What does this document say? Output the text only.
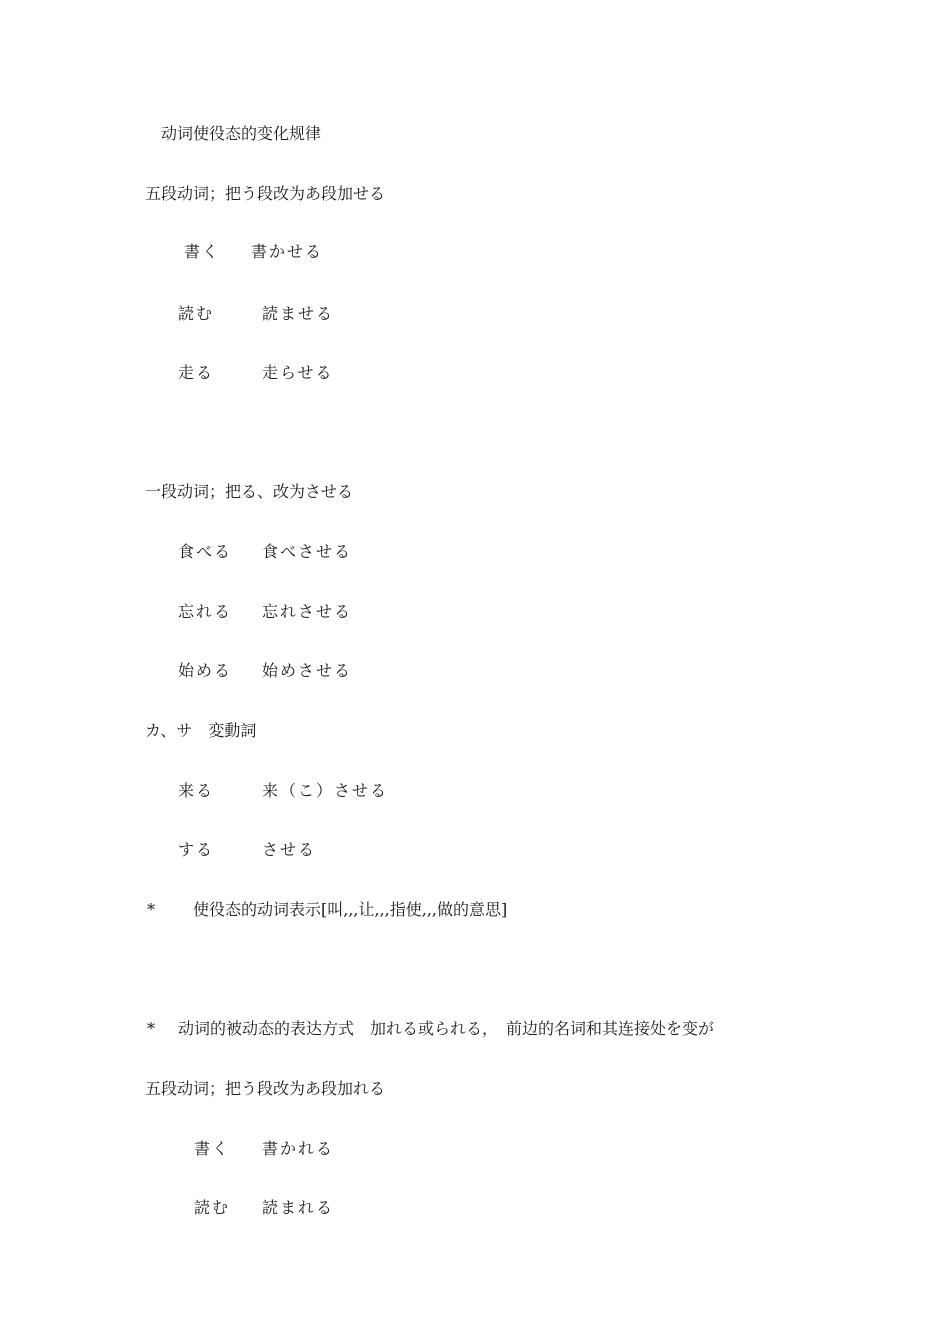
动词使役态的变化规律
五段动词；把う段改为あ段加せる
書く 書かせる
読む	読ませる
走る	走らせる
一段动词；把る、改为させる
食べる 食べさせる
忘れる 忘れさせる
始める 始めさせる
カ、サ　変動詞
来る	来（こ）させる
する	させる
* 使役态的动词表示[叫,,,让,,,指使,,,做的意思]
* 动词的被动态的表达方式　加れる或られる，　前边的名词和其连接处を变が
五段动词；把う段改为あ段加れる
書く 書かれる
読む 読まれる
